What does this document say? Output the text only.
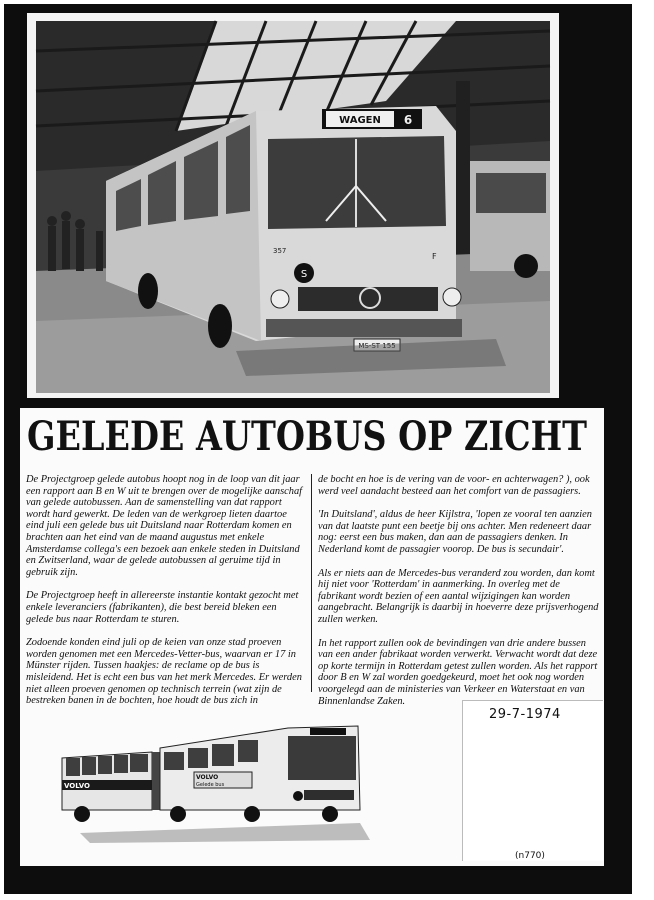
WAGEN 6
357
F
S
GELEDE AUTOBUS OP ZICHT

De Projectgroep gelede autobus hoopt nog in de loop van dit jaar een rapport aan B en W uit te brengen over de mogelijke aanschaf van gelede autobussen. Aan de samenstelling van dat rapport wordt hard gewerkt. De leden van de werkgroep lieten daartoe eind juli een gelede bus uit Duitsland naar Rotterdam komen en brachten aan het eind van de maand augustus met enkele Amsterdamse collega's een bezoek aan enkele steden in Duitsland en Zwitserland, waar de gelede autobussen al geruime tijd in gebruik zijn.

De Projectgroep heeft in allereerste instantie kontakt gezocht met enkele leveranciers (fabrikanten), die best bereid bleken een gelede bus naar Rotterdam te sturen.

Zodoende konden eind juli op de keien van onze stad proeven worden genomen met een Mercedes-Vetter-bus, waarvan er 17 in Münster rijden. Tussen haakjes: de reclame op de bus is misleidend. Het is echt een bus van het merk Mercedes. Er werden niet alleen proeven genomen op technisch terrein (wat zijn de bestreken banen in de bochten, hoe houdt de bus zich in

de bocht en hoe is de vering van de voor- en achterwagen? ), ook werd veel aandacht besteed aan het comfort van de passagiers.

'In Duitsland', aldus de heer Kijlstra, 'lopen ze vooral ten aanzien van dat laatste punt een beetje bij ons achter. Men redeneert daar nog: eerst een bus maken, dan aan de passagiers denken. In Nederland komt de passagier voorop. De bus is secundair'.

Als er niets aan de Mercedes-bus veranderd zou worden, dan komt hij niet voor 'Rotterdam' in aanmerking. In overleg met de fabrikant wordt bezien of een aantal wijzigingen kan worden aangebracht. Belangrijk is daarbij in hoeverre deze prijsverhogend zullen werken.

In het rapport zullen ook de bevindingen van drie andere bussen van een ander fabrikaat worden verwerkt. Verwacht wordt dat deze op korte termijn in Rotterdam getest zullen worden. Als het rapport door B en W zal worden goedgekeurd, moet het ook nog worden voorgelegd aan de ministeries van Verkeer en Waterstaat en van Binnenlandse Zaken.

VOLVO
VOLVO
Gelede bus
29-7-1974
(n770)
